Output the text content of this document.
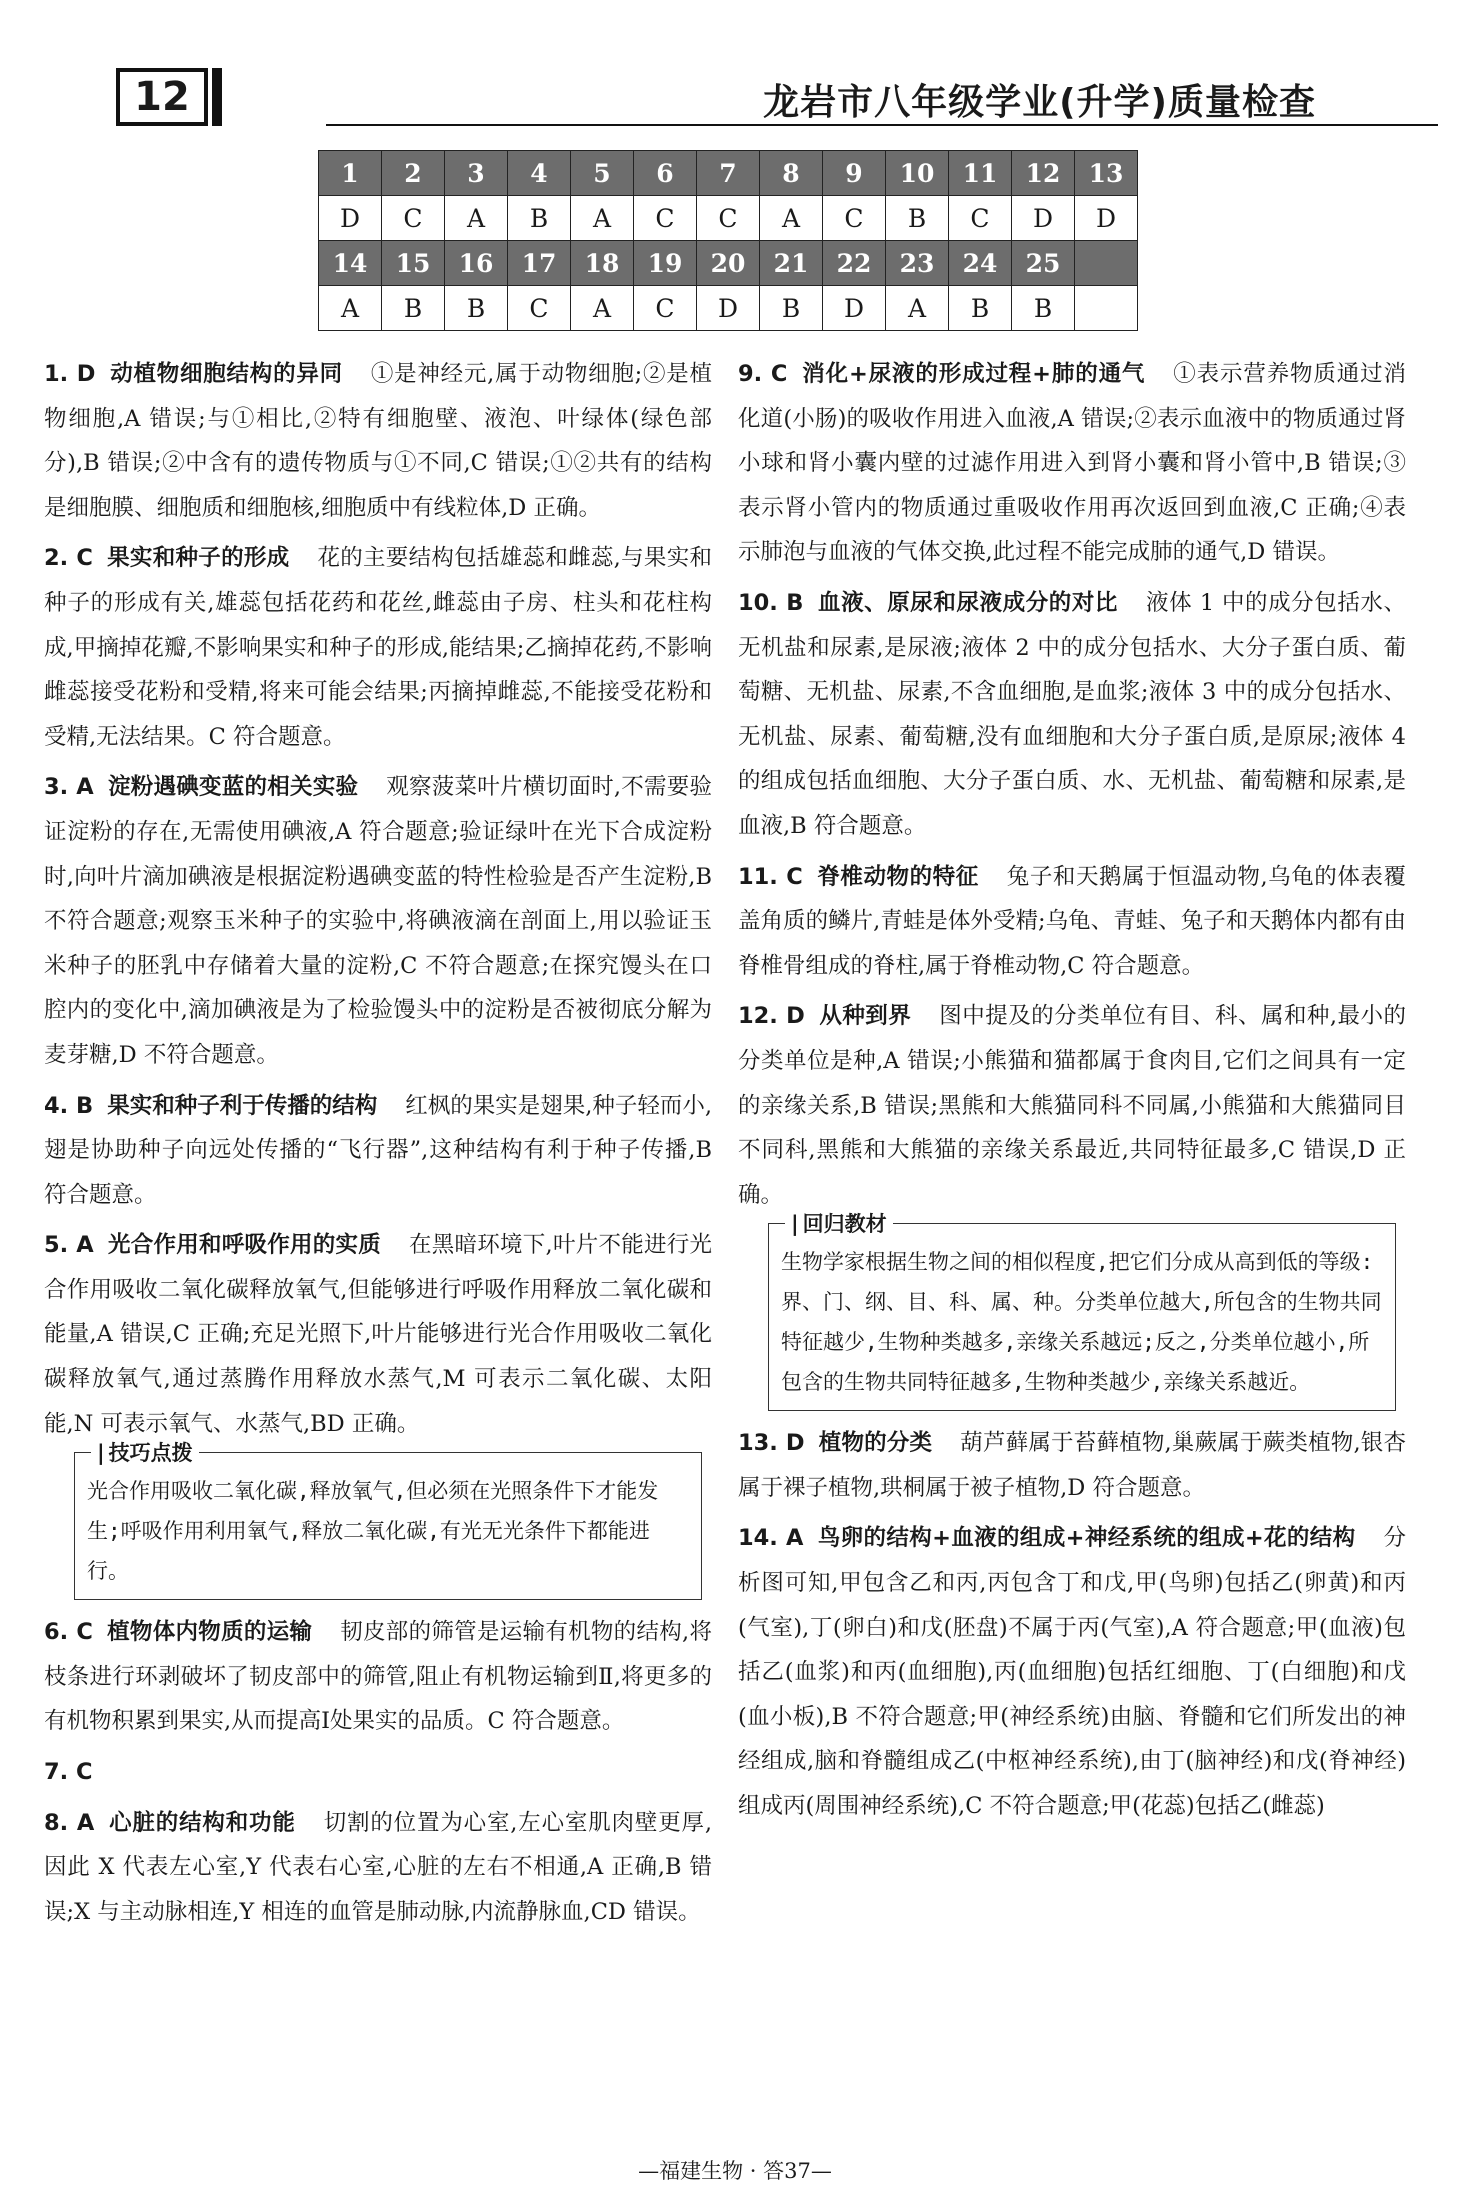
12	龙岩市八年级学业(升学)质量检查
1	2	3	4	5	6	7	8	9	10	11	12	13
D	C	A	B	A	C	C	A	C	B	C	D	D
14	15	16	17	18	19	20	21	22	23	24	25	
A	B	B	C	A	C	D	B	D	A	B	B	
1. D 动植物细胞结构的异同 ①是神经元,属于动物细胞;②是植物细胞,A 错误;与①相比,②特有细胞壁、液泡、叶绿体(绿色部分),B 错误;②中含有的遗传物质与①不同,C 错误;①②共有的结构是细胞膜、细胞质和细胞核,细胞质中有线粒体,D 正确。
2. C 果实和种子的形成 花的主要结构包括雄蕊和雌蕊,与果实和种子的形成有关,雄蕊包括花药和花丝,雌蕊由子房、柱头和花柱构成,甲摘掉花瓣,不影响果实和种子的形成,能结果;乙摘掉花药,不影响雌蕊接受花粉和受精,将来可能会结果;丙摘掉雌蕊,不能接受花粉和受精,无法结果。C 符合题意。
3. A 淀粉遇碘变蓝的相关实验 观察菠菜叶片横切面时,不需要验证淀粉的存在,无需使用碘液,A 符合题意;验证绿叶在光下合成淀粉时,向叶片滴加碘液是根据淀粉遇碘变蓝的特性检验是否产生淀粉,B 不符合题意;观察玉米种子的实验中,将碘液滴在剖面上,用以验证玉米种子的胚乳中存储着大量的淀粉,C 不符合题意;在探究馒头在口腔内的变化中,滴加碘液是为了检验馒头中的淀粉是否被彻底分解为麦芽糖,D 不符合题意。
4. B 果实和种子利于传播的结构 红枫的果实是翅果,种子轻而小,翅是协助种子向远处传播的“飞行器”,这种结构有利于种子传播,B 符合题意。
5. A 光合作用和呼吸作用的实质 在黑暗环境下,叶片不能进行光合作用吸收二氧化碳释放氧气,但能够进行呼吸作用释放二氧化碳和能量,A 错误,C 正确;充足光照下,叶片能够进行光合作用吸收二氧化碳释放氧气,通过蒸腾作用释放水蒸气,M 可表示二氧化碳、太阳能,N 可表示氧气、水蒸气,BD 正确。
| 技巧点拨
光合作用吸收二氧化碳,释放氧气,但必须在光照条件下才能发生;呼吸作用利用氧气,释放二氧化碳,有光无光条件下都能进行。
6. C 植物体内物质的运输 韧皮部的筛管是运输有机物的结构,将枝条进行环剥破坏了韧皮部中的筛管,阻止有机物运输到Ⅱ,将更多的有机物积累到果实,从而提高Ⅰ处果实的品质。C 符合题意。
7. C
8. A 心脏的结构和功能 切割的位置为心室,左心室肌肉壁更厚,因此 X 代表左心室,Y 代表右心室,心脏的左右不相通,A 正确,B 错误;X 与主动脉相连,Y 相连的血管是肺动脉,内流静脉血,CD 错误。
9. C 消化+尿液的形成过程+肺的通气 ①表示营养物质通过消化道(小肠)的吸收作用进入血液,A 错误;②表示血液中的物质通过肾小球和肾小囊内壁的过滤作用进入到肾小囊和肾小管中,B 错误;③表示肾小管内的物质通过重吸收作用再次返回到血液,C 正确;④表示肺泡与血液的气体交换,此过程不能完成肺的通气,D 错误。
10. B 血液、原尿和尿液成分的对比 液体 1 中的成分包括水、无机盐和尿素,是尿液;液体 2 中的成分包括水、大分子蛋白质、葡萄糖、无机盐、尿素,不含血细胞,是血浆;液体 3 中的成分包括水、无机盐、尿素、葡萄糖,没有血细胞和大分子蛋白质,是原尿;液体 4 的组成包括血细胞、大分子蛋白质、水、无机盐、葡萄糖和尿素,是血液,B 符合题意。
11. C 脊椎动物的特征 兔子和天鹅属于恒温动物,乌龟的体表覆盖角质的鳞片,青蛙是体外受精;乌龟、青蛙、兔子和天鹅体内都有由脊椎骨组成的脊柱,属于脊椎动物,C 符合题意。
12. D 从种到界 图中提及的分类单位有目、科、属和种,最小的分类单位是种,A 错误;小熊猫和猫都属于食肉目,它们之间具有一定的亲缘关系,B 错误;黑熊和大熊猫同科不同属,小熊猫和大熊猫同目不同科,黑熊和大熊猫的亲缘关系最近,共同特征最多,C 错误,D 正确。
| 回归教材
生物学家根据生物之间的相似程度,把它们分成从高到低的等级:界、门、纲、目、科、属、种。分类单位越大,所包含的生物共同特征越少,生物种类越多,亲缘关系越远;反之,分类单位越小,所包含的生物共同特征越多,生物种类越少,亲缘关系越近。
13. D 植物的分类 葫芦藓属于苔藓植物,巢蕨属于蕨类植物,银杏属于裸子植物,珙桐属于被子植物,D 符合题意。
14. A 鸟卵的结构+血液的组成+神经系统的组成+花的结构 分析图可知,甲包含乙和丙,丙包含丁和戊,甲(鸟卵)包括乙(卵黄)和丙(气室),丁(卵白)和戊(胚盘)不属于丙(气室),A 符合题意;甲(血液)包括乙(血浆)和丙(血细胞),丙(血细胞)包括红细胞、丁(白细胞)和戊(血小板),B 不符合题意;甲(神经系统)由脑、脊髓和它们所发出的神经组成,脑和脊髓组成乙(中枢神经系统),由丁(脑神经)和戊(脊神经)组成丙(周围神经系统),C 不符合题意;甲(花蕊)包括乙(雌蕊)
—福建生物 · 答37—
